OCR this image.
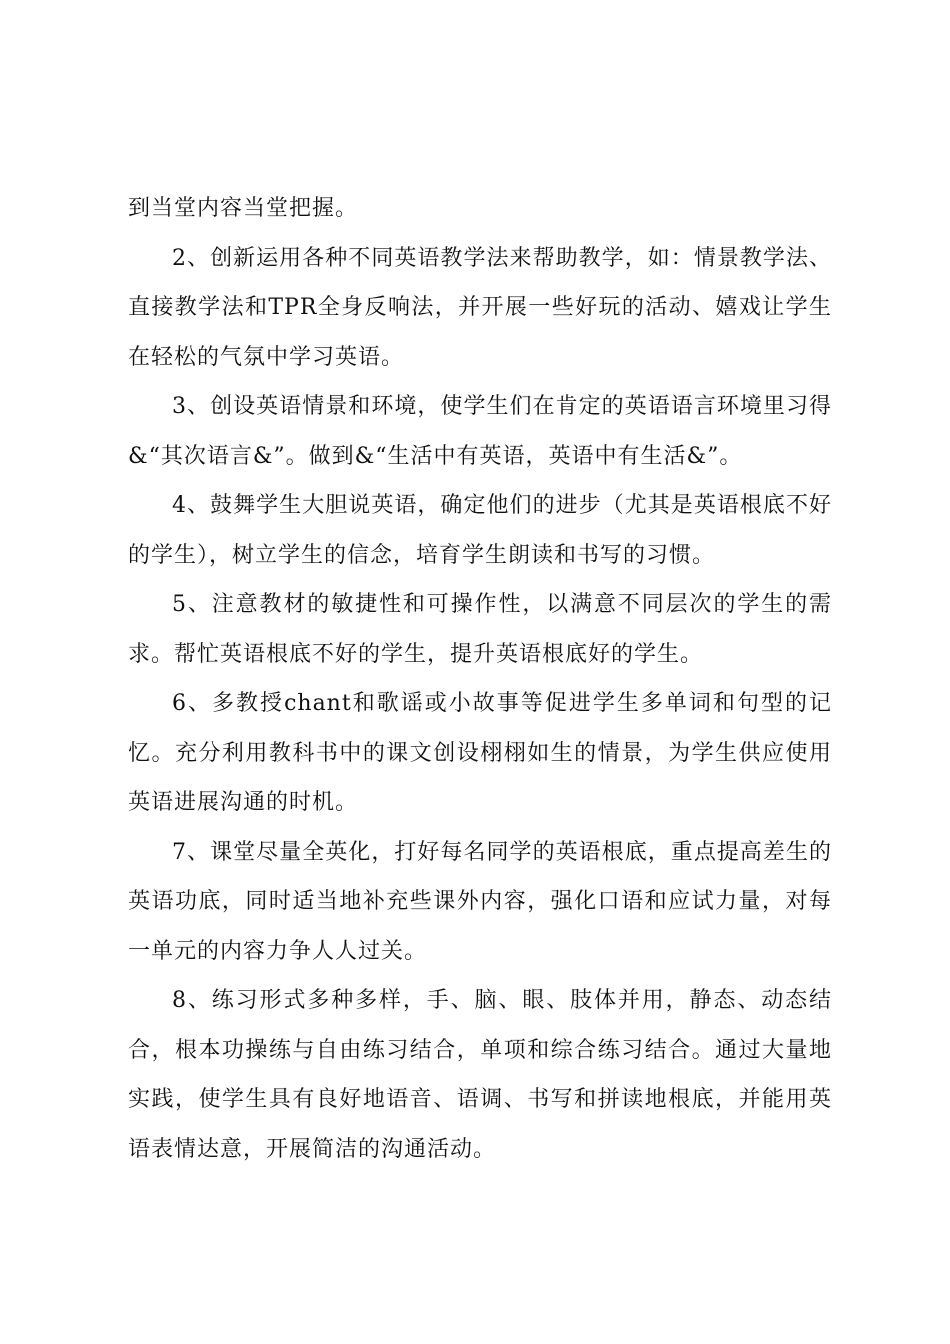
到当堂内容当堂把握。

2、创新运用各种不同英语教学法来帮助教学，如：情景教学法、直接教学法和TPR全身反响法，并开展一些好玩的活动、嬉戏让学生在轻松的气氛中学习英语。

3、创设英语情景和环境，使学生们在肯定的英语语言环境里习得&“其次语言&”。做到&“生活中有英语，英语中有生活&”。

4、鼓舞学生大胆说英语，确定他们的进步（尤其是英语根底不好的学生），树立学生的信念，培育学生朗读和书写的习惯。

5、注意教材的敏捷性和可操作性，以满意不同层次的学生的需求。帮忙英语根底不好的学生，提升英语根底好的学生。

6、多教授chant和歌谣或小故事等促进学生多单词和句型的记忆。充分利用教科书中的课文创设栩栩如生的情景，为学生供应使用英语进展沟通的时机。

7、课堂尽量全英化，打好每名同学的英语根底，重点提高差生的英语功底，同时适当地补充些课外内容，强化口语和应试力量，对每一单元的内容力争人人过关。

8、练习形式多种多样，手、脑、眼、肢体并用，静态、动态结合，根本功操练与自由练习结合，单项和综合练习结合。通过大量地实践，使学生具有良好地语音、语调、书写和拼读地根底，并能用英语表情达意，开展简洁的沟通活动。
